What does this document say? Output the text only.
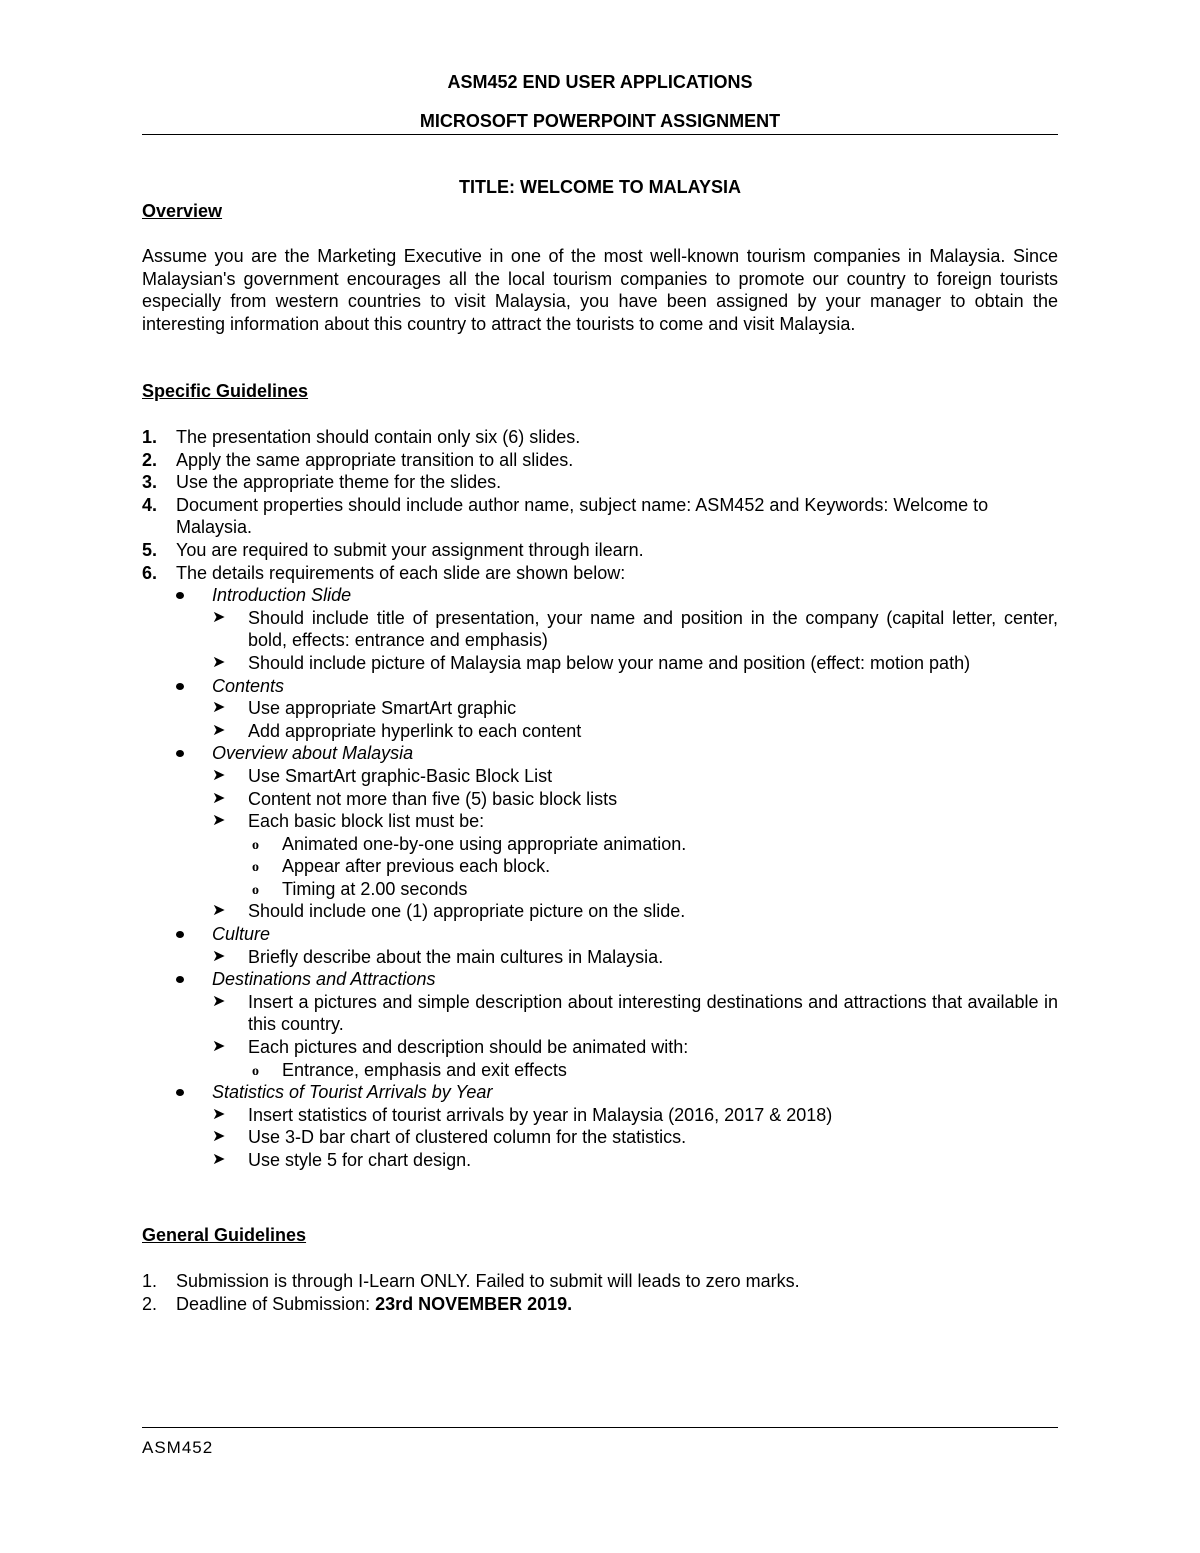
ASM452 END USER APPLICATIONS
MICROSOFT POWERPOINT ASSIGNMENT
TITLE: WELCOME TO MALAYSIA
Overview
Assume you are the Marketing Executive in one of the most well-known tourism companies in Malaysia. Since Malaysian's government encourages all the local tourism companies to promote our country to foreign tourists especially from western countries to visit Malaysia, you have been assigned by your manager to obtain the interesting information about this country to attract the tourists to come and visit Malaysia.
Specific Guidelines
1. The presentation should contain only six (6) slides.
2. Apply the same appropriate transition to all slides.
3. Use the appropriate theme for the slides.
4. Document properties should include author name, subject name: ASM452 and Keywords: Welcome to Malaysia.
5. You are required to submit your assignment through ilearn.
6. The details requirements of each slide are shown below:
Introduction Slide
➤ Should include title of presentation, your name and position in the company (capital letter, center, bold, effects: entrance and emphasis)
➤ Should include picture of Malaysia map below your name and position (effect: motion path)
Contents
➤ Use appropriate SmartArt graphic
➤ Add appropriate hyperlink to each content
Overview about Malaysia
➤ Use SmartArt graphic-Basic Block List
➤ Content not more than five (5) basic block lists
➤ Each basic block list must be:
o Animated one-by-one using appropriate animation.
o Appear after previous each block.
o Timing at 2.00 seconds
➤ Should include one (1) appropriate picture on the slide.
Culture
➤ Briefly describe about the main cultures in Malaysia.
Destinations and Attractions
➤ Insert a pictures and simple description about interesting destinations and attractions that available in this country.
➤ Each pictures and description should be animated with:
o Entrance, emphasis and exit effects
Statistics of Tourist Arrivals by Year
➤ Insert statistics of tourist arrivals by year in Malaysia (2016, 2017 & 2018)
➤ Use 3-D bar chart of clustered column for the statistics.
➤ Use style 5 for chart design.
General Guidelines
1. Submission is through I-Learn ONLY. Failed to submit will leads to zero marks.
2. Deadline of Submission: 23rd NOVEMBER 2019.
ASM452
